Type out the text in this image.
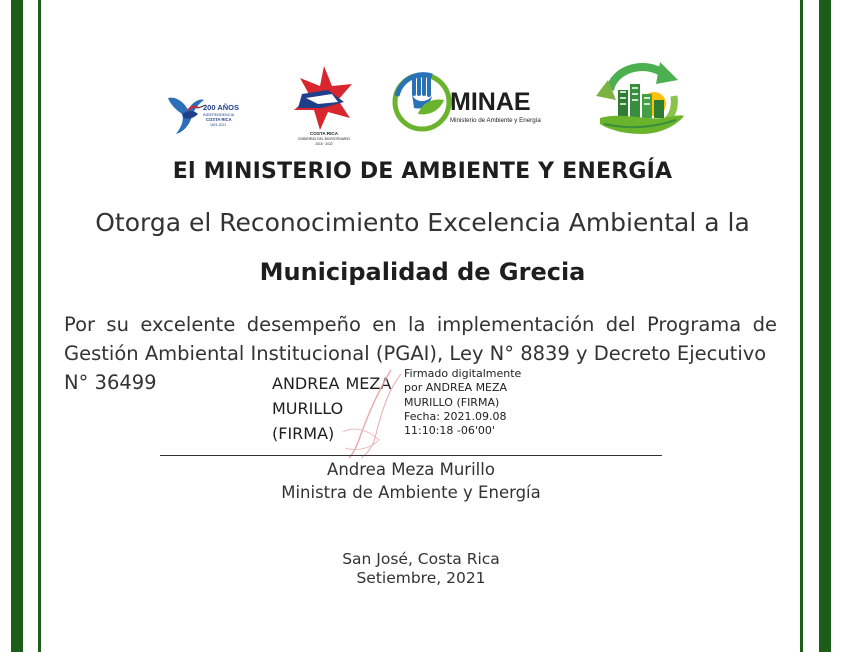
200 AÑOS
INDEPENDENCIA
COSTA RICA
1821-2021
COSTA RICA
GOBIERNO DEL BICENTENARIO
2018 · 2022
MINAE
Ministerio de Ambiente y Energía
El MINISTERIO DE AMBIENTE Y ENERGÍA
Otorga el Reconocimiento Excelencia Ambiental a la
Municipalidad de Grecia
Por su excelente desempeño en la implementación del Programa de Gestión Ambiental Institucional (PGAI), Ley N° 8839 y Decreto Ejecutivo
N° 36499	ANDREA MEZA
MURILLO
(FIRMA)
Firmado digitalmente
por ANDREA MEZA
MURILLO (FIRMA)
Fecha: 2021.09.08
11:10:18 -06'00'
Andrea Meza Murillo
Ministra de Ambiente y Energía
San José, Costa Rica
Setiembre, 2021
